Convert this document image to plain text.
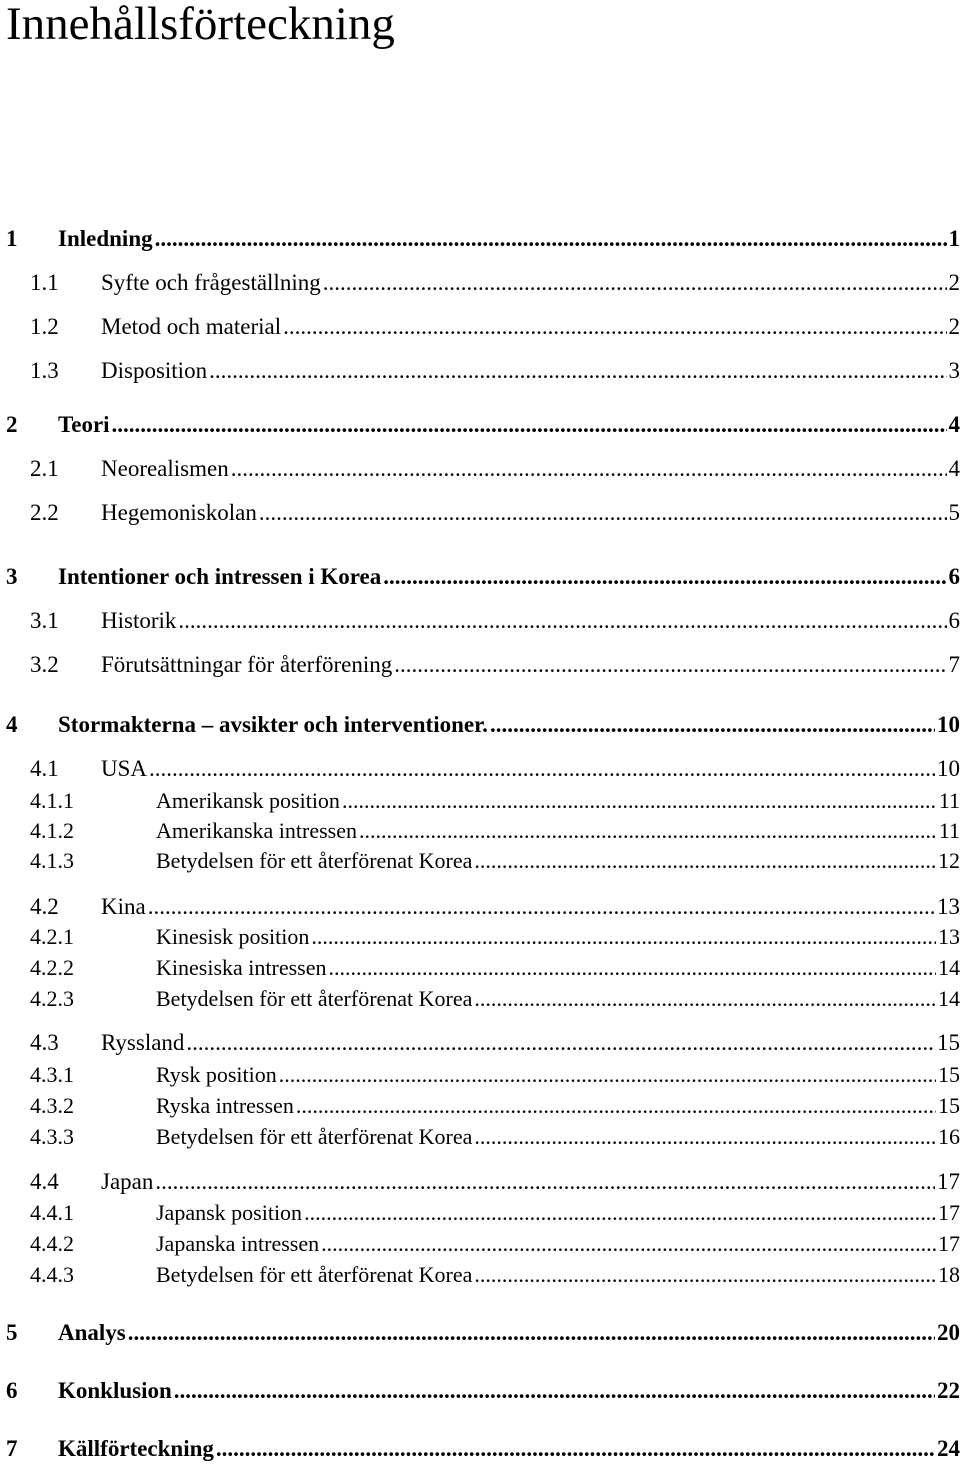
Innehållsförteckning
1	Inledning .....	1
1.1	Syfte och frågeställning .....	2
1.2	Metod och material .....	2
1.3	Disposition .....	3
2	Teori .....	4
2.1	Neorealismen .....	4
2.2	Hegemoniskolan .....	5
3	Intentioner och intressen i Korea .....	6
3.1	Historik .....	6
3.2	Förutsättningar för återförening .....	7
4	Stormakterna – avsikter och interventioner. .....	10
4.1	USA .....	10
4.1.1	Amerikansk position .....	11
4.1.2	Amerikanska intressen .....	11
4.1.3	Betydelsen för ett återförenat Korea .....	12
4.2	Kina .....	13
4.2.1	Kinesisk position .....	13
4.2.2	Kinesiska intressen .....	14
4.2.3	Betydelsen för ett återförenat Korea .....	14
4.3	Ryssland .....	15
4.3.1	Rysk position .....	15
4.3.2	Ryska intressen .....	15
4.3.3	Betydelsen för ett återförenat Korea .....	16
4.4	Japan .....	17
4.4.1	Japansk position .....	17
4.4.2	Japanska intressen .....	17
4.4.3	Betydelsen för ett återförenat Korea .....	18
5	Analys .....	20
6	Konklusion .....	22
7	Källförteckning .....	24
